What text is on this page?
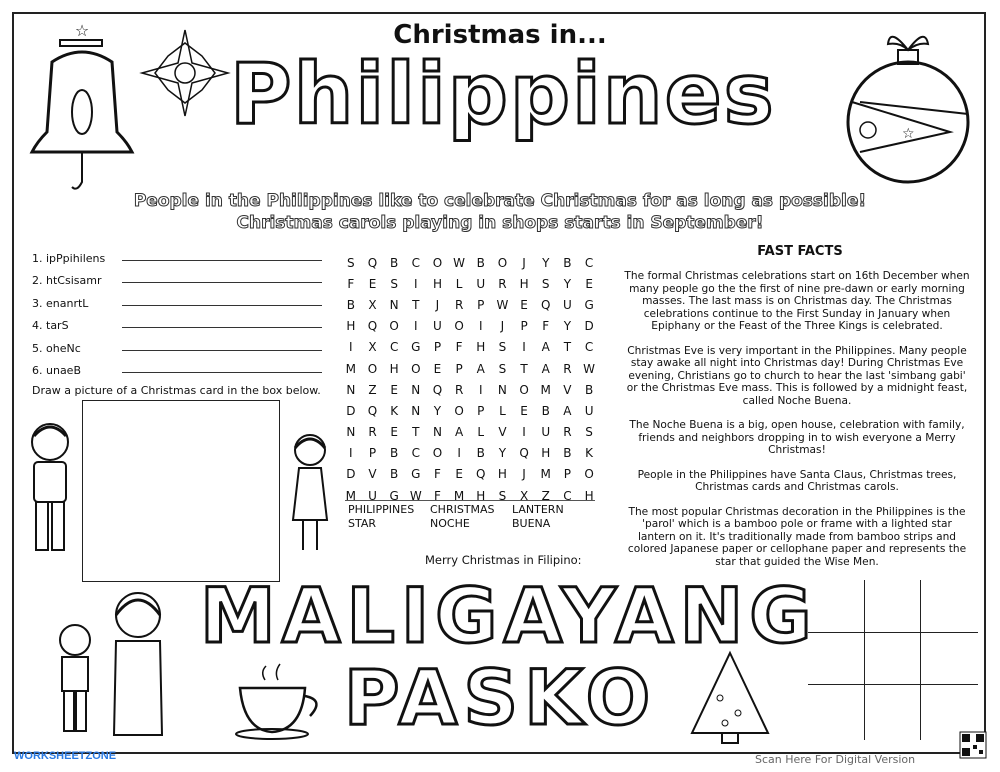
Christmas in...
Philippines
People in the Philippines like to celebrate Christmas for as long as possible! Christmas carols playing in shops starts in September!
☆
☆
1. ipPpihilens
2. htCsisamr
3. enanrtL
4. tarS
5. oheNc
6. unaeB
Draw a picture of a Christmas card in the box below.
S	Q	B	C	O	W	B	O	J	Y	B	C
F	E	S	I	H	L	U	R	H	S	Y	E
B	X	N	T	J	R	P	W	E	Q	U	G
H	Q	O	I	U	O	I	J	P	F	Y	D
I	X	C	G	P	F	H	S	I	A	T	C
M	O	H	O	E	P	A	S	T	A	R	W
N	Z	E	N	Q	R	I	N	O	M	V	B
D	Q	K	N	Y	O	P	L	E	B	A	U
N	R	E	T	N	A	L	V	I	U	R	S
I	P	B	C	O	I	B	Y	Q	H	B	K
D	V	B	G	F	E	Q	H	J	M	P	O
M	U	G	W	F	M	H	S	X	Z	C	H
PHILIPPINES	CHRISTMAS	LANTERN
STAR	NOCHE	BUENA
FAST FACTS

The formal Christmas celebrations start on 16th December when many people go the the first of nine pre-dawn or early morning masses. The last mass is on Christmas day. The Christmas celebrations continue to the First Sunday in January when Epiphany or the Feast of the Three Kings is celebrated.

Christmas Eve is very important in the Philippines. Many people stay awake all night into Christmas day! During Christmas Eve evening, Christians go to church to hear the last 'simbang gabi' or the Christmas Eve mass. This is followed by a midnight feast, called Noche Buena.

The Noche Buena is a big, open house, celebration with family, friends and neighbors dropping in to wish everyone a Merry Christmas!

People in the Philippines have Santa Claus, Christmas trees, Christmas cards and Christmas carols.

The most popular Christmas decoration in the Philippines is the 'parol' which is a bamboo pole or frame with a lighted star lantern on it. It's traditionally made from bamboo strips and colored Japanese paper or cellophane paper and represents the star that guided the Wise Men.

Merry Christmas in Filipino:
MALIGAYANG
PASKO
WORKSHEETZONE	Scan Here For Digital Version
